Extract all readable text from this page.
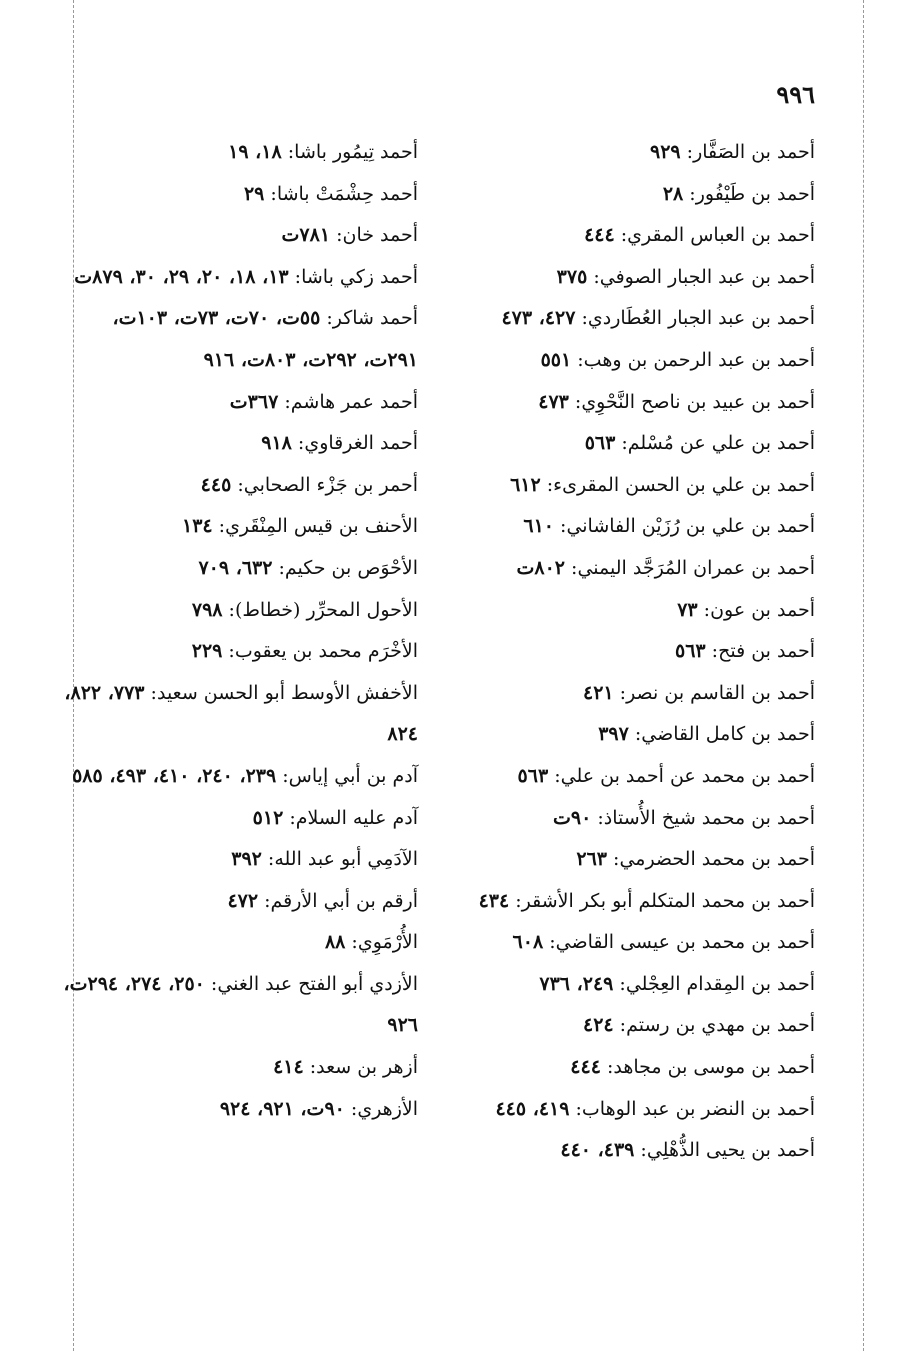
٩٩٦
أحمد بن الصَفَّار: ٩٢٩
أحمد بن طَيْفُور: ٢٨
أحمد بن العباس المقري: ٤٤٤
أحمد بن عبد الجبار الصوفي: ٣٧٥
أحمد بن عبد الجبار العُطَاردي: ٤٢٧، ٤٧٣
أحمد بن عبد الرحمن بن وهب: ٥٥١
أحمد بن عبيد بن ناصح النَّحْوِي: ٤٧٣
أحمد بن علي عن مُسْلم: ٥٦٣
أحمد بن علي بن الحسن المقرىء: ٦١٢
أحمد بن علي بن رُزَيْن الفاشاني: ٦١٠
أحمد بن عمران المُرَجَّد اليمني: ٨٠٢ت
أحمد بن عون: ٧٣
أحمد بن فتح: ٥٦٣
أحمد بن القاسم بن نصر: ٤٢١
أحمد بن كامل القاضي: ٣٩٧
أحمد بن محمد عن أحمد بن علي: ٥٦٣
أحمد بن محمد شيخ الأُستاذ: ٩٠ت
أحمد بن محمد الحضرمي: ٢٦٣
أحمد بن محمد المتكلم أبو بكر الأشقر: ٤٣٤
أحمد بن محمد بن عيسى القاضي: ٦٠٨
أحمد بن المِقدام العِجْلي: ٢٤٩، ٧٣٦
أحمد بن مهدي بن رستم: ٤٢٤
أحمد بن موسى بن مجاهد: ٤٤٤
أحمد بن النضر بن عبد الوهاب: ٤١٩، ٤٤٥
أحمد بن يحيى الذُّهْلِي: ٤٣٩، ٤٤٠
أحمد تِيمُور باشا: ١٨، ١٩
أحمد حِشْمَتْ باشا: ٢٩
أحمد خان: ٧٨١ت
أحمد زكي باشا: ١٣، ١٨، ٢٠، ٢٩، ٣٠، ٨٧٩ت
أحمد شاكر: ٥٥ت، ٧٠ت، ٧٣ت، ١٠٣ت، ٢٩١ت، ٢٩٢ت، ٨٠٣ت، ٩١٦
أحمد عمر هاشم: ٣٦٧ت
أحمد الغرقاوي: ٩١٨
أحمر بن جَزْء الصحابي: ٤٤٥
الأحنف بن قيس المِنْقَري: ١٣٤
الأحْوَص بن حكيم: ٦٣٢، ٧٠٩
الأحول المحرِّر (خطاط): ٧٩٨
الأخْرَم محمد بن يعقوب: ٢٢٩
الأخفش الأوسط أبو الحسن سعيد: ٧٧٣، ٨٢٢، ٨٢٤
آدم بن أبي إياس: ٢٣٩، ٢٤٠، ٤١٠، ٤٩٣، ٥٨٥
آدم عليه السلام: ٥١٢
الآدَمِي أبو عبد الله: ٣٩٢
أرقم بن أبي الأرقم: ٤٧٢
الأُرْمَوِي: ٨٨
الأزدي أبو الفتح عبد الغني: ٢٥٠، ٢٧٤، ٢٩٤ت، ٩٢٦
أزهر بن سعد: ٤١٤
الأزهري: ٩٠ت، ٩٢١، ٩٢٤
